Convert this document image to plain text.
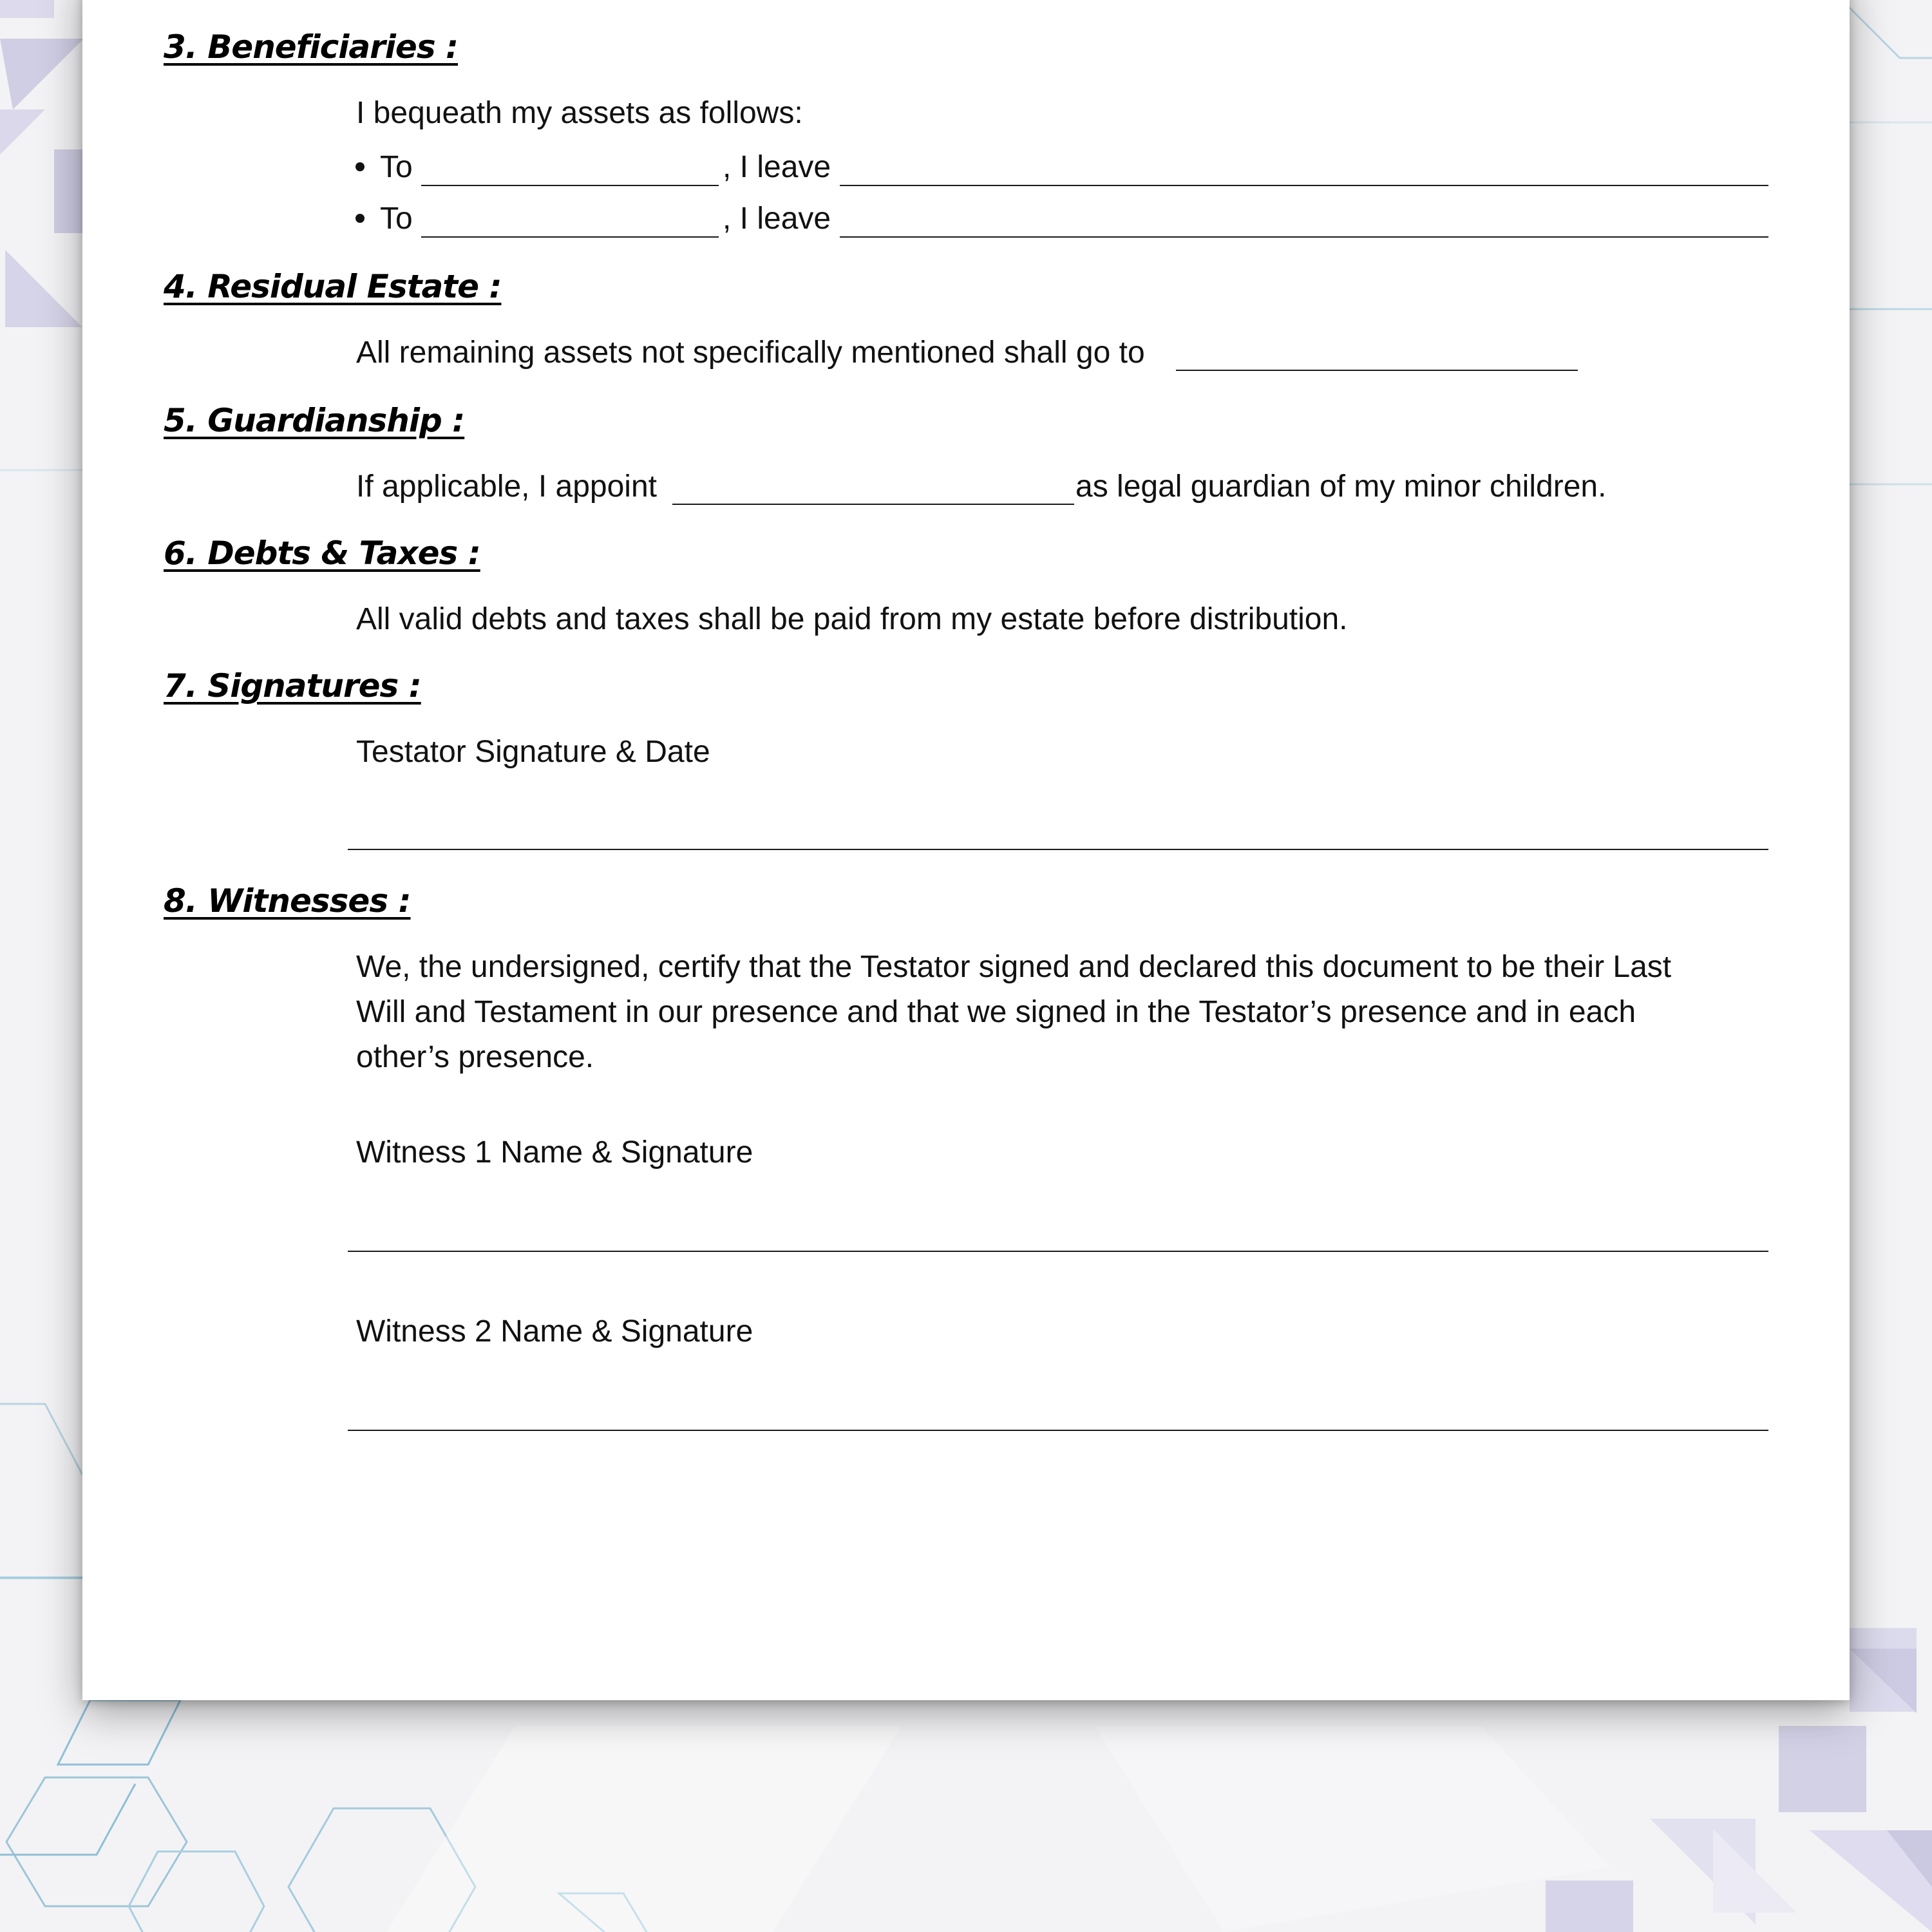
3. Beneficiaries :
I bequeath my assets as follows:
To	, I leave
To	, I leave
4. Residual Estate :
All remaining assets not specifically mentioned shall go to
5. Guardianship :
If applicable, I appoint	as legal guardian of my minor children.
6. Debts & Taxes :
All valid debts and taxes shall be paid from my estate before distribution.
7. Signatures :
Testator Signature & Date
8. Witnesses :
We, the undersigned, certify that the Testator signed and declared this document to be their Last
Will and Testament in our presence and that we signed in the Testator’s presence and in each
other’s presence.
Witness 1 Name & Signature
Witness 2 Name & Signature
